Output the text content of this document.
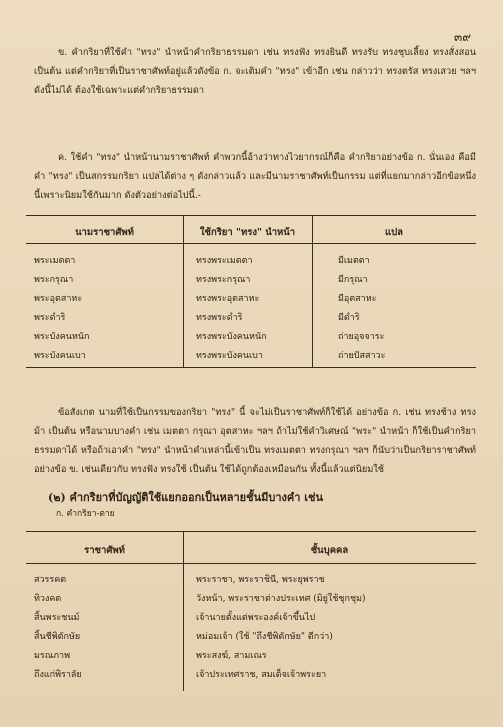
๓๙

ข. คำกริยาที่ใช้คำ "ทรง" นำหน้าคำกริยาธรรมดา เช่น ทรงฟัง ทรงยินดี ทรงรับ ทรงชุบเลี้ยง ทรงสั่งสอน เป็นต้น แต่คำกริยาที่เป็นราชาศัพท์อยู่แล้วดังข้อ ก. จะเติมคำ "ทรง" เข้าอีก เช่น กล่าวว่า ทรงตรัส ทรงเสวย ฯลฯ ดังนี้ไม่ได้ ต้องใช้เฉพาะแต่คำกริยาธรรมดา

ค. ใช้คำ "ทรง" นำหน้านามราชาศัพท์ คำพวกนี้อ้างว่าทางไวยากรณ์ก็คือ คำกริยาอย่างข้อ ก. นั่นเอง คือมีคำ "ทรง" เป็นสกรรมกริยา แปลได้ต่าง ๆ ดังกล่าวแล้ว และมีนามราชาศัพท์เป็นกรรม แต่ที่แยกมากล่าวอีกข้อหนึ่งนี้เพราะนิยมใช้กันมาก ดังตัวอย่างต่อไปนี้.-

นามราชาศัพท์	ใช้กริยา "ทรง" นำหน้า	แปล
พระเมตตา	ทรงพระเมตตา	มีเมตตา
พระกรุณา	ทรงพระกรุณา	มีกรุณา
พระอุตสาหะ	ทรงพระอุตสาหะ	มีอุตสาหะ
พระดำริ	ทรงพระดำริ	มีดำริ
พระบังคนหนัก	ทรงพระบังคนหนัก	ถ่ายอุจจาระ
พระบังคนเบา	ทรงพระบังคนเบา	ถ่ายปัสสาวะ

ข้อสังเกต นามที่ใช้เป็นกรรมของกริยา "ทรง" นี้ จะไม่เป็นราชาศัพท์ก็ใช้ได้ อย่างข้อ ก. เช่น ทรงช้าง ทรงม้า เป็นต้น หรือนามบางคำ เช่น เมตตา กรุณา อุตสาหะ ฯลฯ ถ้าไม่ใช้คำวิเศษณ์ "พระ" นำหน้า ก็ใช้เป็นคำกริยาธรรมดาได้ หรือถ้าเอาคำ "ทรง" นำหน้าคำเหล่านี้เข้าเป็น ทรงเมตตา ทรงกรุณา ฯลฯ ก็นับว่าเป็นกริยาราชาศัพท์อย่างข้อ ข. เช่นเดียวกับ ทรงฟัง ทรงใช้ เป็นต้น ใช้ได้ถูกต้องเหมือนกัน ทั้งนี้แล้วแต่นิยมใช้

(๒) คำกริยาที่บัญญัติใช้แยกออกเป็นหลายชั้นมีบางคำ เช่น
ก. คำกริยา-ตาย
ราชาศัพท์	ชั้นบุคคล
สวรรคต	พระราชา, พระราชินี, พระยุพราช
ทิวงคต	วังหน้า, พระราชาต่างประเทศ (มิยู่ใช้ชุกชุม)
สิ้นพระชนม์	เจ้านายตั้งแต่พระองค์เจ้าขึ้นไป
สิ้นชีพิตักษัย	หม่อมเจ้า (ใช้ "ถึงชีพิตักษัย" ดีกว่า)
มรณภาพ	พระสงฆ์, สามเณร
ถึงแก่พิราลัย	เจ้าประเทศราช, สมเด็จเจ้าพระยา
